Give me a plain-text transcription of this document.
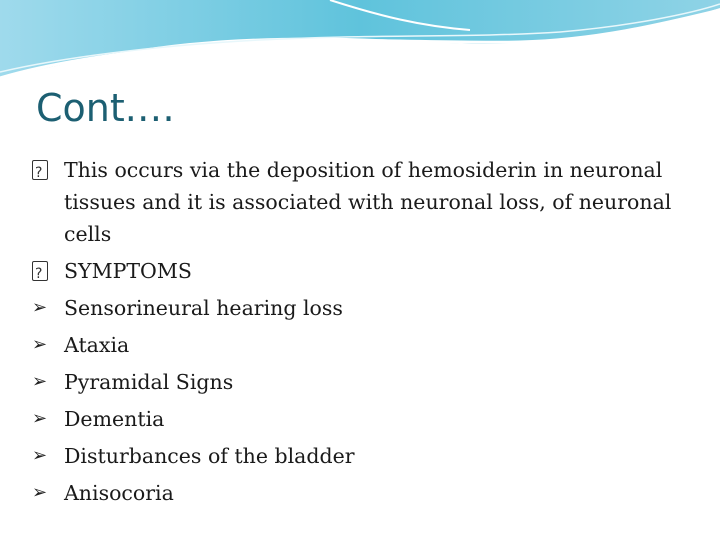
Cont.…
?
This occurs via the deposition of hemosiderin in neuronal tissues and it is associated with neuronal loss, of neuronal cells
?
SYMPTOMS
➢ Sensorineural hearing loss
➢ Ataxia
➢ Pyramidal Signs
➢ Dementia
➢ Disturbances of the bladder
➢ Anisocoria
